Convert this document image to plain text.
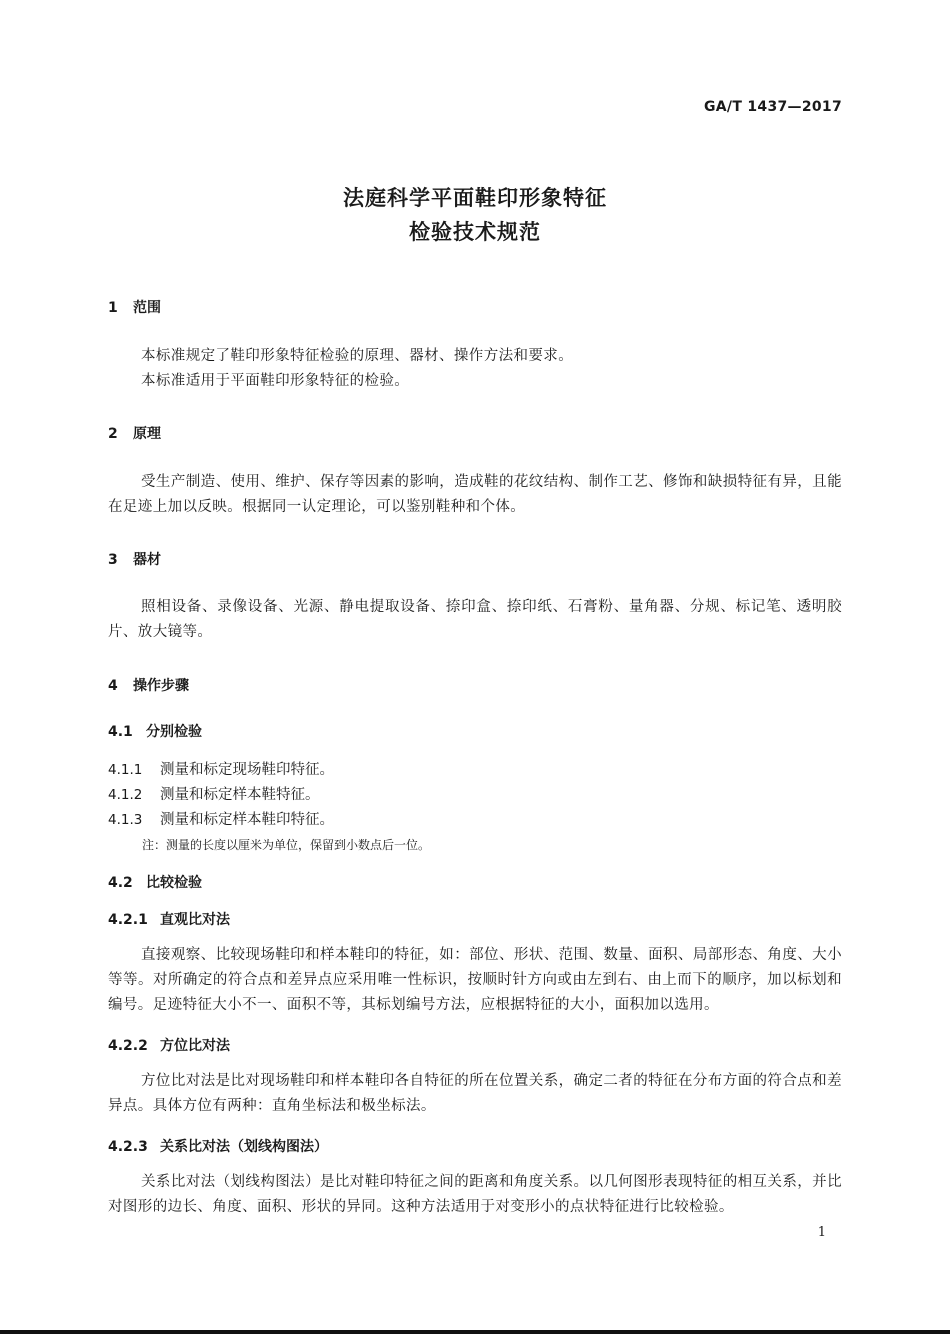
GA/T 1437—2017
法庭科学平面鞋印形象特征
检验技术规范
1 范围
本标准规定了鞋印形象特征检验的原理、器材、操作方法和要求。
本标准适用于平面鞋印形象特征的检验。
2 原理
受生产制造、使用、维护、保存等因素的影响，造成鞋的花纹结构、制作工艺、修饰和缺损特征有异，且能在足迹上加以反映。根据同一认定理论，可以鉴别鞋种和个体。
3 器材
照相设备、录像设备、光源、静电提取设备、捺印盒、捺印纸、石膏粉、量角器、分规、标记笔、透明胶片、放大镜等。
4 操作步骤
4.1 分别检验
4.1.1 测量和标定现场鞋印特征。
4.1.2 测量和标定样本鞋特征。
4.1.3 测量和标定样本鞋印特征。
注：测量的长度以厘米为单位，保留到小数点后一位。
4.2 比较检验
4.2.1 直观比对法
直接观察、比较现场鞋印和样本鞋印的特征，如：部位、形状、范围、数量、面积、局部形态、角度、大小等等。对所确定的符合点和差异点应采用唯一性标识，按顺时针方向或由左到右、由上而下的顺序，加以标划和编号。足迹特征大小不一、面积不等，其标划编号方法，应根据特征的大小，面积加以选用。
4.2.2 方位比对法
方位比对法是比对现场鞋印和样本鞋印各自特征的所在位置关系，确定二者的特征在分布方面的符合点和差异点。具体方位有两种：直角坐标法和极坐标法。
4.2.3 关系比对法（划线构图法）
关系比对法（划线构图法）是比对鞋印特征之间的距离和角度关系。以几何图形表现特征的相互关系，并比对图形的边长、角度、面积、形状的异同。这种方法适用于对变形小的点状特征进行比较检验。
1
